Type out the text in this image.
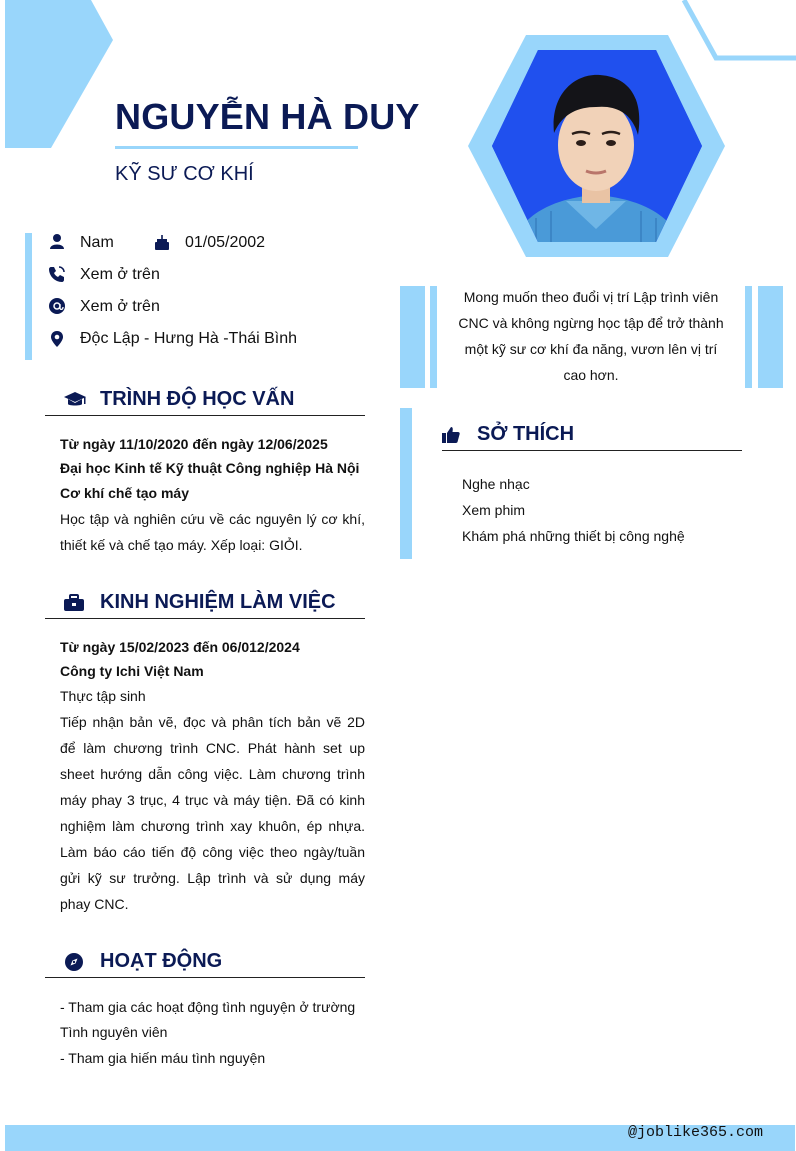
NGUYỄN HÀ DUY
KỸ SƯ CƠ KHÍ
Nam	01/05/2002
Xem ở trên
Xem ở trên
Độc Lập - Hưng Hà -Thái Bình
TRÌNH ĐỘ HỌC VẤN
Từ ngày 11/10/2020 đến ngày 12/06/2025
Đại học Kinh tế Kỹ thuật Công nghiệp Hà Nội
Cơ khí chế tạo máy
Học tập và nghiên cứu về các nguyên lý cơ khí, thiết kế và chế tạo máy. Xếp loại: GIỎI.
KINH NGHIỆM LÀM VIỆC
Từ ngày 15/02/2023 đến 06/012/2024
Công ty Ichi Việt Nam
Thực tập sinh
Tiếp nhận bản vẽ, đọc và phân tích bản vẽ 2D để làm chương trình CNC. Phát hành set up sheet hướng dẫn công việc. Làm chương trình máy phay 3 trục, 4 trục và máy tiện. Đã có kinh nghiệm làm chương trình xay khuôn, ép nhựa. Làm báo cáo tiến độ công việc theo ngày/tuần gửi kỹ sư trưởng. Lập trình và sử dụng máy phay CNC.
HOẠT ĐỘNG
- Tham gia các hoạt động tình nguyện ở trường
Tình nguyên viên
- Tham gia hiến máu tình nguyện
Mong muốn theo đuổi vị trí Lập trình viên CNC và không ngừng học tập để trở thành một kỹ sư cơ khí đa năng, vươn lên vị trí cao hơn.
SỞ THÍCH
Nghe nhạc
Xem phim
Khám phá những thiết bị công nghệ
@joblike365.com
